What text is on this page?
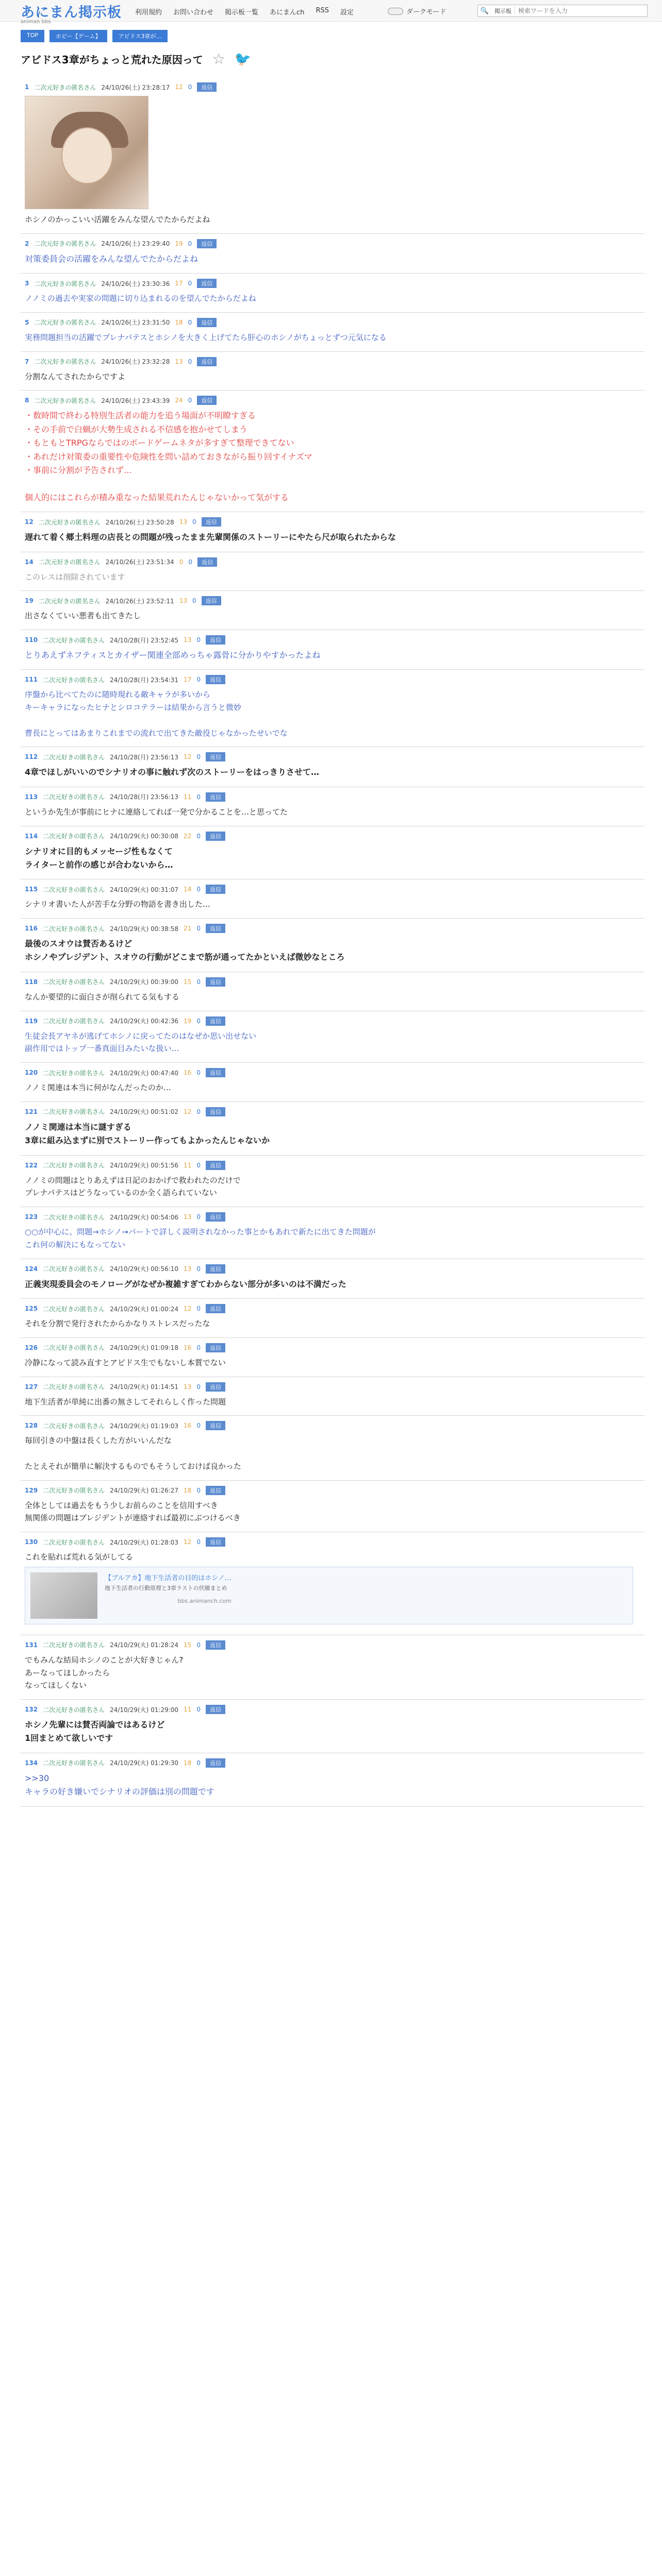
あにまん掲示板
animan bbs
利用規約 お問い合わせ 掲示板一覧 あにまんch RSS 設定	ダークモード	🔍 掲示板
検索ワードを入力
TOP	ホビー【ゲーム】	アビドス3章が…
アビドス3章がちょっと荒れた原因って ☆ 🐦
1 二次元好きの匿名さん 24/10/26(土) 23:28:17 12 0	返信
ホシノのかっこいい活躍をみんな望んでたからだよね
2 二次元好きの匿名さん 24/10/26(土) 23:29:40 19 0	返信
対策委員会の活躍をみんな望んでたからだよね
3 二次元好きの匿名さん 24/10/26(土) 23:30:36 17 0	返信
ノノミの過去や実家の問題に切り込まれるのを望んでたからだよね
5 二次元好きの匿名さん 24/10/26(土) 23:31:50 18 0	返信
実務問題担当の活躍でプレナパテスとホシノを大きく上げてたら肝心のホシノがちょっとずつ元気になる
7 二次元好きの匿名さん 24/10/26(土) 23:32:28 13 0	返信
分割なんてされたからですよ
8 二次元好きの匿名さん 24/10/26(土) 23:43:39 24 0	返信
・数時間で終わる特別生活者の能力を追う場面が不明瞭すぎる
・その手前で白蝋が大勢生成される不信感を抱かせてしまう
・もともとTRPGならではのボードゲームネタが多すぎて整理できてない
・あれだけ対策委の重要性や危険性を問い詰めておきながら振り回すイナズマ
・事前に分割が予告されず…

個人的にはこれらが積み重なった結果荒れたんじゃないかって気がする
12 二次元好きの匿名さん 24/10/26(土) 23:50:28 13 0	返信
遅れて着く郷土料理の店長との問題が残ったまま先輩関係のストーリーにやたら尺が取られたからな
14 二次元好きの匿名さん 24/10/26(土) 23:51:34 0 0	返信
このレスは削除されています
19 二次元好きの匿名さん 24/10/26(土) 23:52:11 13 0	返信
出さなくていい悪者も出てきたし
110 二次元好きの匿名さん 24/10/28(月) 23:52:45 13 0	返信
とりあえずネフティスとカイザー関連全部めっちゃ露骨に分かりやすかったよね
111 二次元好きの匿名さん 24/10/28(月) 23:54:31 17 0	返信
序盤から比べてたのに随時現れる敵キャラが多いから
キーキャラになったヒナとシロコテラーは結果から言うと微妙

曹長にとってはあまりこれまでの流れで出てきた敵役じゃなかったせいでな
112 二次元好きの匿名さん 24/10/28(月) 23:56:13 12 0	返信
4章でほしがいいのでシナリオの事に触れず次のストーリーをはっきりさせて…
113 二次元好きの匿名さん 24/10/28(月) 23:56:13 11 0	返信
というか先生が事前にヒナに連絡してれば一発で分かることを…と思ってた
114 二次元好きの匿名さん 24/10/29(火) 00:30:08 22 0	返信
シナリオに目的もメッセージ性もなくて
ライターと前作の感じが合わないから…
115 二次元好きの匿名さん 24/10/29(火) 00:31:07 14 0	返信
シナリオ書いた人が苦手な分野の物語を書き出した…
116 二次元好きの匿名さん 24/10/29(火) 00:38:58 21 0	返信
最後のスオウは賛否あるけど
ホシノやプレジデント、スオウの行動がどこまで筋が通ってたかといえば微妙なところ
118 二次元好きの匿名さん 24/10/29(火) 00:39:00 15 0	返信
なんか要望的に面白さが削られてる気もする
119 二次元好きの匿名さん 24/10/29(火) 00:42:36 19 0	返信
生徒会長アヤネが逃げてホシノに戻ってたのはなぜか思い出せない
副作用ではトップ一番真面目みたいな扱い…
120 二次元好きの匿名さん 24/10/29(火) 00:47:40 16 0	返信
ノノミ関連は本当に何がなんだったのか…
121 二次元好きの匿名さん 24/10/29(火) 00:51:02 12 0	返信
ノノミ関連は本当に謎すぎる
3章に組み込まずに別でストーリー作ってもよかったんじゃないか
122 二次元好きの匿名さん 24/10/29(火) 00:51:56 11 0	返信
ノノミの問題はとりあえずは日記のおかげで救われたのだけで
プレナパテスはどうなっているのか全く語られていない
123 二次元好きの匿名さん 24/10/29(火) 00:54:06 13 0	返信
○○が中心に、問題→ホシノ→パートで詳しく説明されなかった事とかもあれで新たに出てきた問題が
これ何の解決にもなってない
124 二次元好きの匿名さん 24/10/29(火) 00:56:10 13 0	返信
正義実現委員会のモノローグがなぜか複雑すぎてわからない部分が多いのは不満だった
125 二次元好きの匿名さん 24/10/29(火) 01:00:24 12 0	返信
それを分割で発行されたからかなりストレスだったな
126 二次元好きの匿名さん 24/10/29(火) 01:09:18 16 0	返信
冷静になって読み直すとアビドス生でもないし本質でない
127 二次元好きの匿名さん 24/10/29(火) 01:14:51 13 0	返信
地下生活者が単純に出番の無さしてそれらしく作った問題
128 二次元好きの匿名さん 24/10/29(火) 01:19:03 16 0	返信
毎回引きの中盤は長くした方がいいんだな

たとえそれが簡単に解決するものでもそうしておけば良かった
129 二次元好きの匿名さん 24/10/29(火) 01:26:27 18 0	返信
全体としては過去をもう少しお前らのことを信用すべき
無関係の問題はブレジデントが連絡すれば最初にぶつけるべき
130 二次元好きの匿名さん 24/10/29(火) 01:28:03 12 0	返信
これを貼れば荒れる気がしてる
【ブルアカ】地下生活者の目的はホシノ…
地下生活者の行動原理と3章ラストの伏線まとめ
bbs.animanch.com
131 二次元好きの匿名さん 24/10/29(火) 01:28:24 15 0	返信
でもみんな結局ホシノのことが大好きじゃん?
あーなってほしかったら
なってほしくない
132 二次元好きの匿名さん 24/10/29(火) 01:29:00 11 0	返信
ホシノ先輩には賛否両論ではあるけど
1回まとめて欲しいです
134 二次元好きの匿名さん 24/10/29(火) 01:29:30 18 0	返信
>>30
キャラの好き嫌いでシナリオの評価は別の問題です
